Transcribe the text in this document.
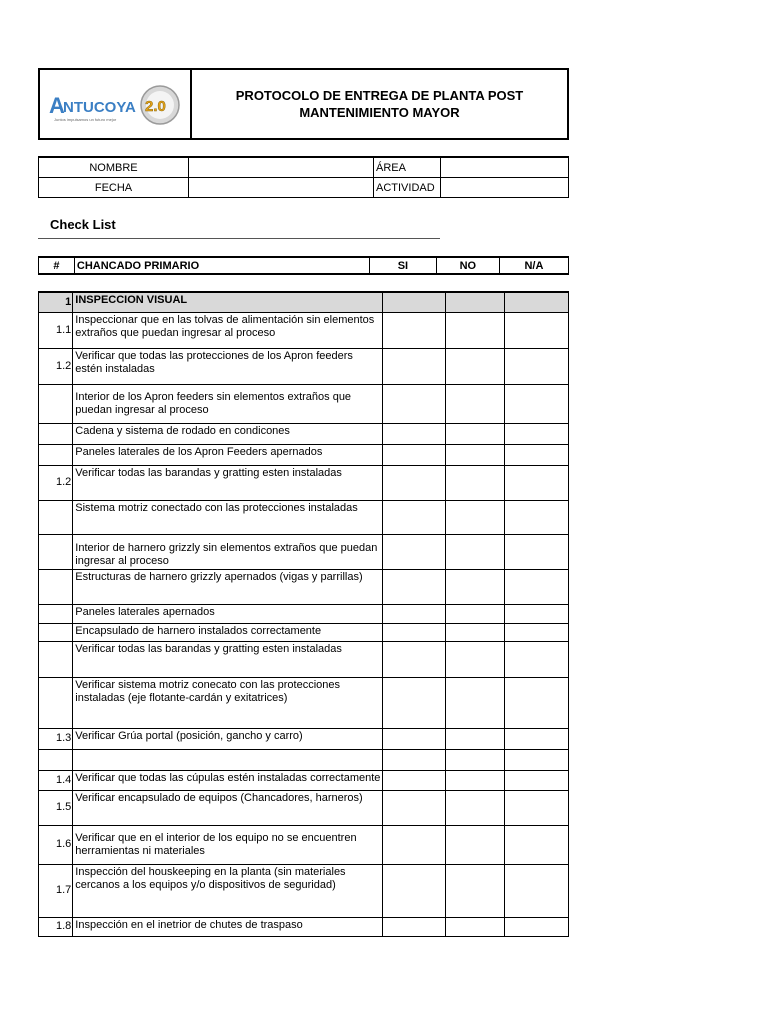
A
NTUCOYA 2.0
Juntos impulsamos un futuro mejor
PROTOCOLO DE ENTREGA DE PLANTA POST
MANTENIMIENTO MAYOR
NOMBRE		ÁREA	
FECHA		ACTIVIDAD	
Check List
#	CHANCADO PRIMARIO	SI	NO	N/A
1	INSPECCION VISUAL			
1.1	Inspeccionar que en las tolvas de alimentación sin elementos extraños que puedan ingresar al proceso			
1.2	Verificar que todas las protecciones de los Apron feeders estén instaladas			
	Interior de los Apron feeders sin elementos extraños que puedan ingresar al proceso			
	Cadena y sistema de rodado en condicones			
	Paneles laterales de los Apron Feeders apernados			
1.2	Verificar todas las barandas y gratting esten instaladas			
	Sistema motriz conectado con las protecciones instaladas			
	Interior de harnero grizzly sin elementos extraños que puedan ingresar al proceso			
	Estructuras de harnero grizzly apernados (vigas y parrillas)			
	Paneles laterales apernados			
	Encapsulado de harnero instalados correctamente			
	Verificar todas las barandas y gratting esten instaladas			
	Verificar sistema motriz conecato con las protecciones instaladas (eje flotante-cardán y exitatrices)			
1.3	Verificar Grúa portal (posición, gancho y carro)			

1.4	Verificar que todas las cúpulas estén instaladas correctamente			

1.5	Verificar encapsulado de equipos (Chancadores, harneros)			
1.6	Verificar que en el interior de los equipo no se encuentren herramientas ni materiales			
1.7	Inspección del houskeeping en la planta (sin materiales cercanos a los equipos y/o dispositivos de seguridad)			
1.8	Inspección en el inetrior de chutes de traspaso			
